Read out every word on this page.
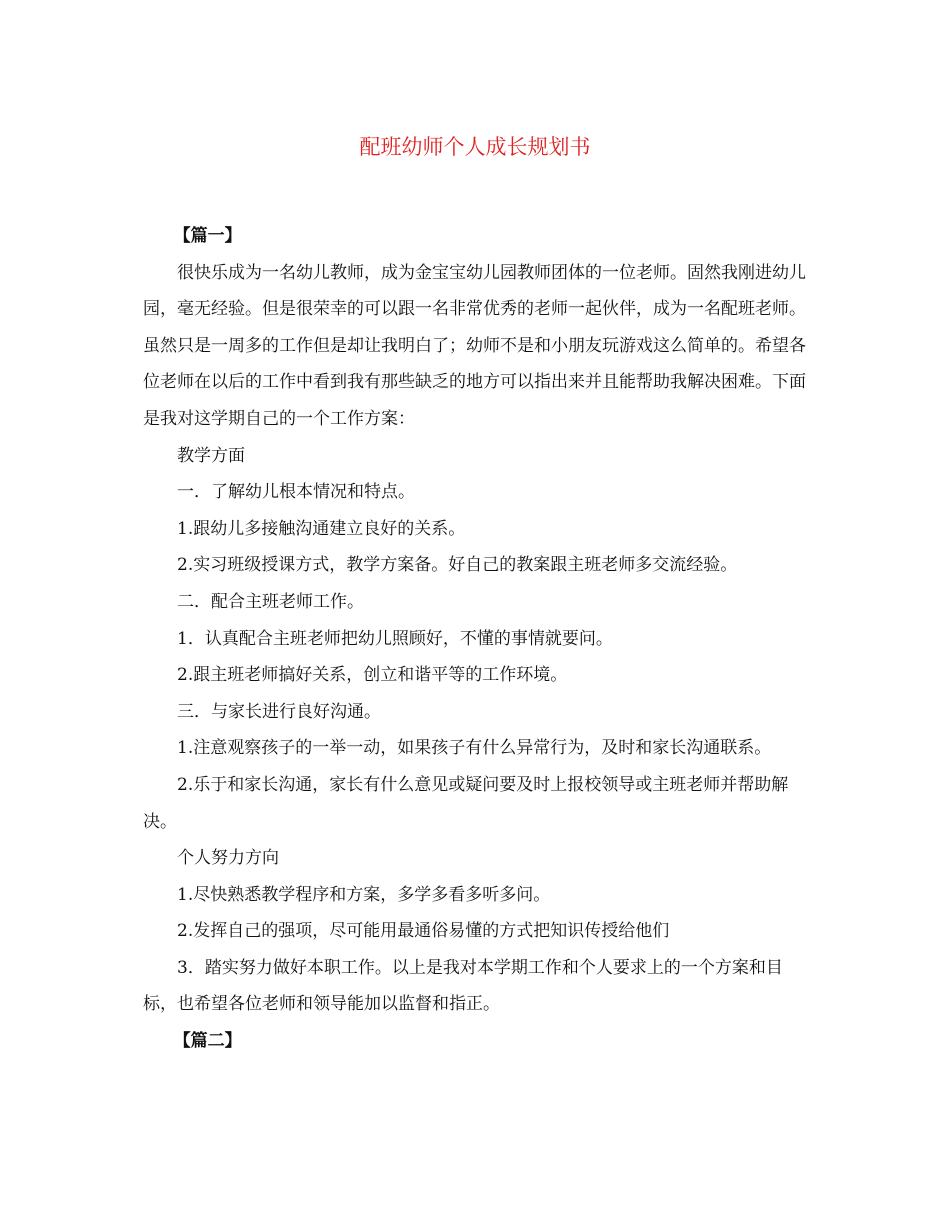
配班幼师个人成长规划书

【篇一】

很快乐成为一名幼儿教师，成为金宝宝幼儿园教师团体的一位老师。固然我刚进幼儿园，毫无经验。但是很荣幸的可以跟一名非常优秀的老师一起伙伴，成为一名配班老师。虽然只是一周多的工作但是却让我明白了；幼师不是和小朋友玩游戏这么简单的。希望各位老师在以后的工作中看到我有那些缺乏的地方可以指出来并且能帮助我解决困难。下面是我对这学期自己的一个工作方案：

教学方面

一．了解幼儿根本情况和特点。

1.跟幼儿多接触沟通建立良好的关系。

2.实习班级授课方式，教学方案备。好自己的教案跟主班老师多交流经验。

二．配合主班老师工作。

1．认真配合主班老师把幼儿照顾好，不懂的事情就要问。

2.跟主班老师搞好关系，创立和谐平等的工作环境。

三．与家长进行良好沟通。

1.注意观察孩子的一举一动，如果孩子有什么异常行为，及时和家长沟通联系。

2.乐于和家长沟通，家长有什么意见或疑问要及时上报校领导或主班老师并帮助解决。

个人努力方向

1.尽快熟悉教学程序和方案，多学多看多听多问。

2.发挥自己的强项，尽可能用最通俗易懂的方式把知识传授给他们

3．踏实努力做好本职工作。以上是我对本学期工作和个人要求上的一个方案和目标，也希望各位老师和领导能加以监督和指正。

【篇二】
